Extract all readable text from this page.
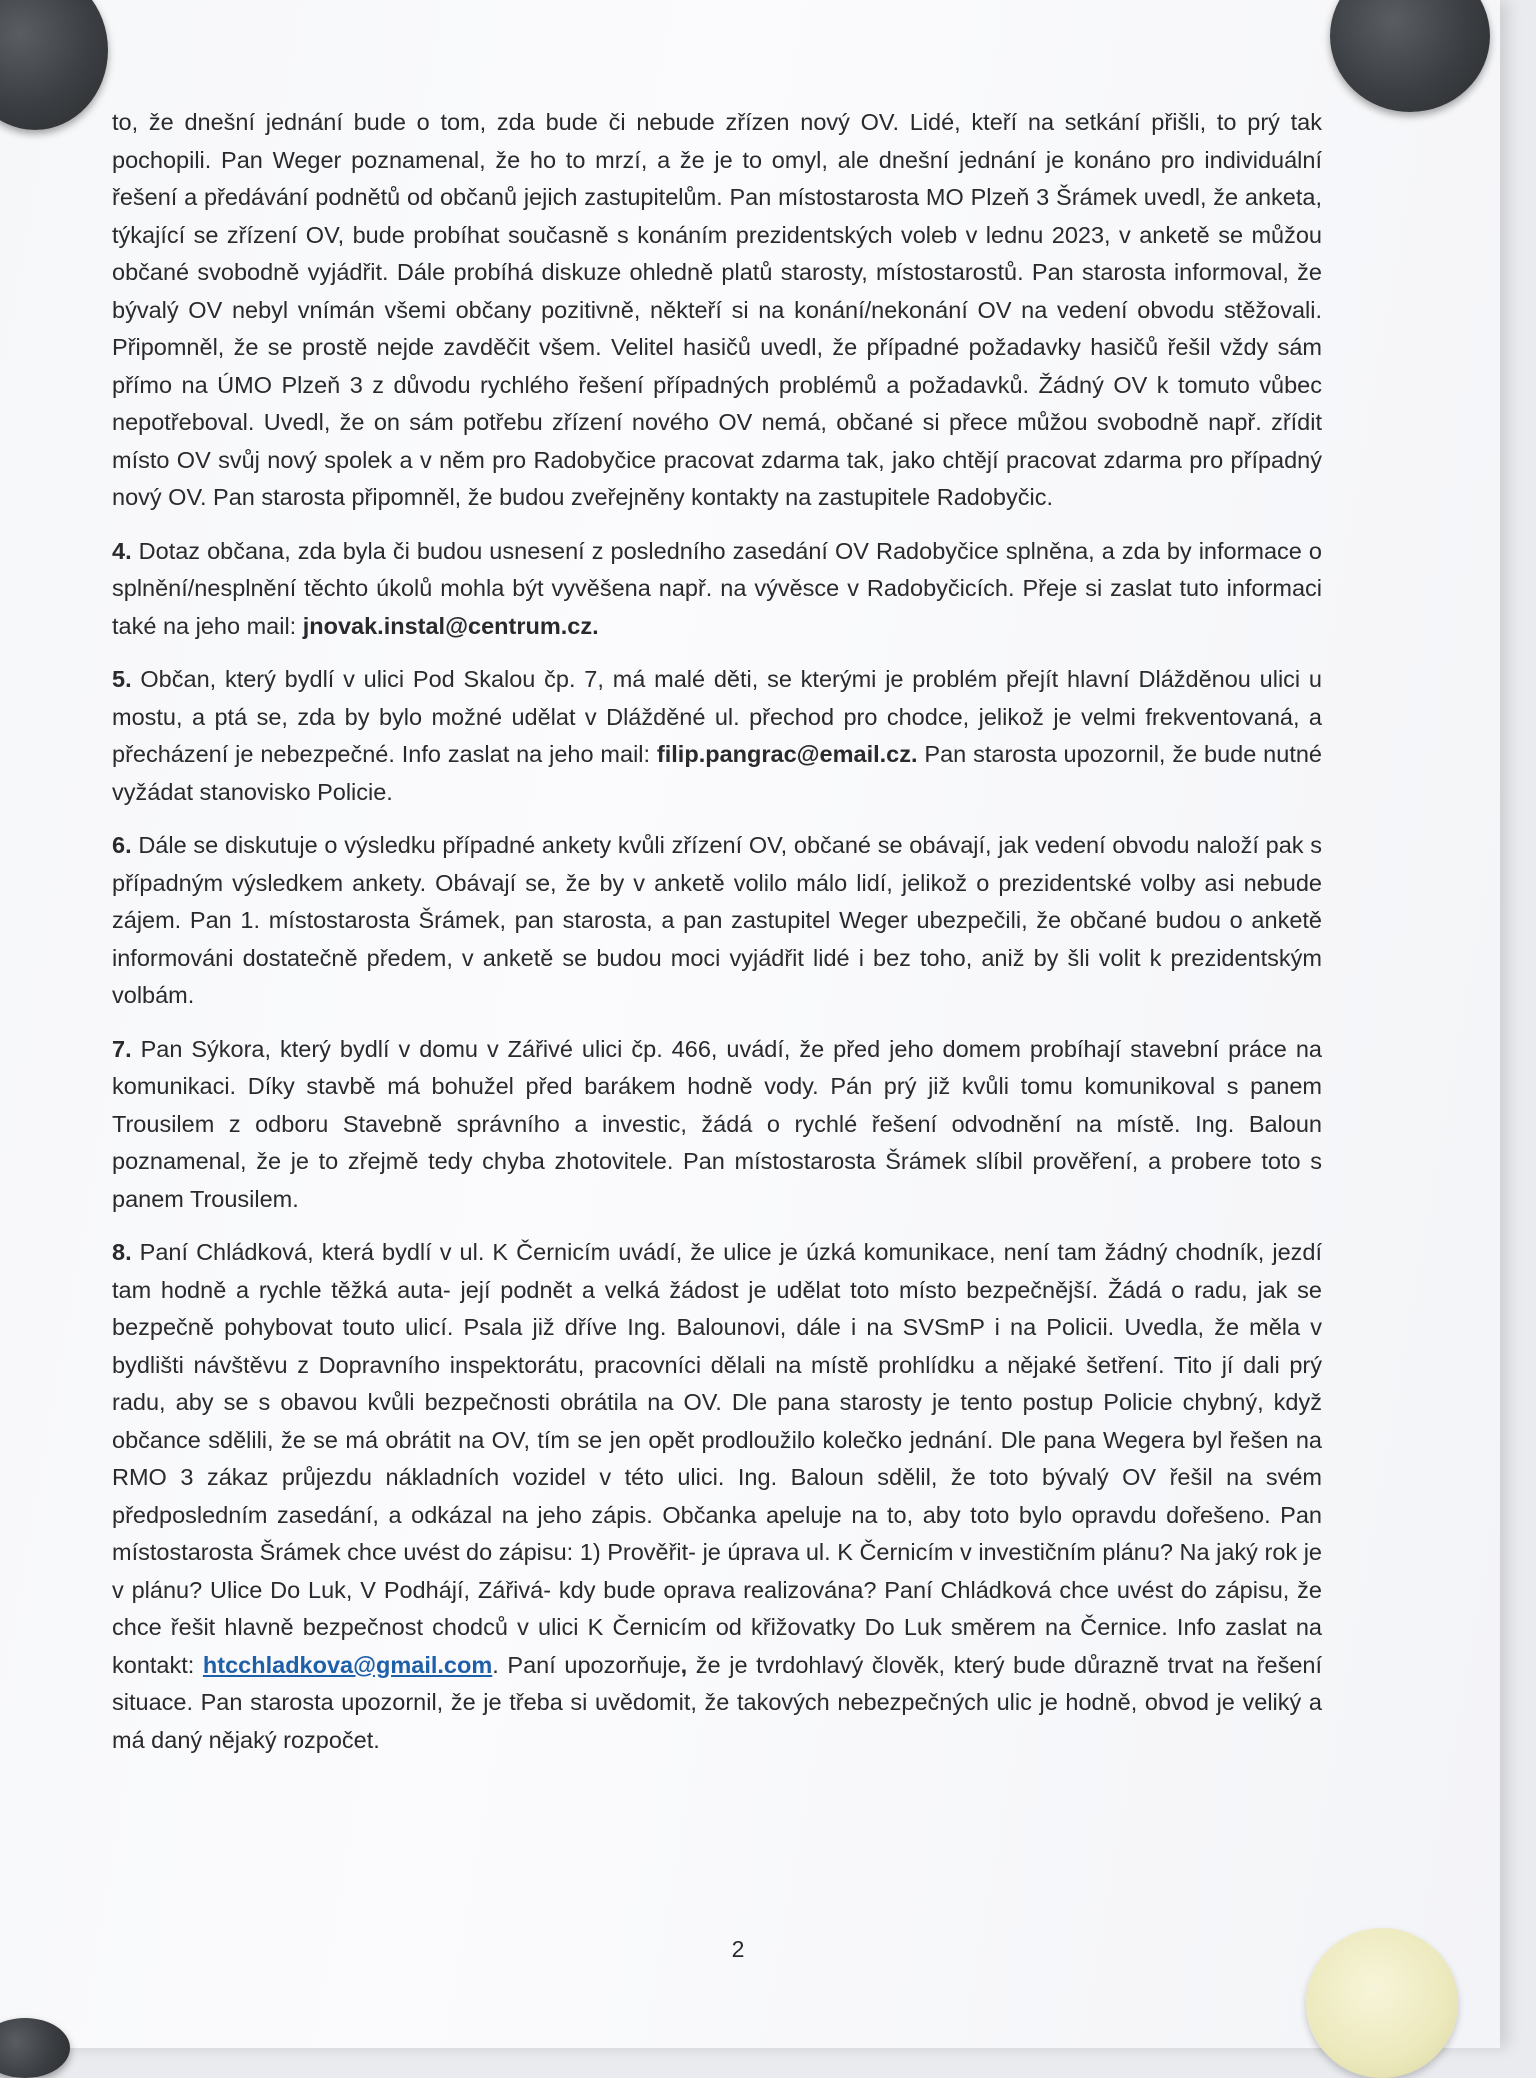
to, že dnešní jednání bude o tom, zda bude či nebude zřízen nový OV. Lidé, kteří na setkání přišli, to prý tak pochopili. Pan Weger poznamenal, že ho to mrzí, a že je to omyl, ale dnešní jednání je konáno pro individuální řešení a předávání podnětů od občanů jejich zastupitelům. Pan místostarosta MO Plzeň 3 Šrámek uvedl, že anketa, týkající se zřízení OV, bude probíhat současně s konáním prezidentských voleb v lednu 2023, v anketě se můžou občané svobodně vyjádřit. Dále probíhá diskuze ohledně platů starosty, místostarostů. Pan starosta informoval, že bývalý OV nebyl vnímán všemi občany pozitivně, někteří si na konání/nekonání OV na vedení obvodu stěžovali. Připomněl, že se prostě nejde zavděčit všem. Velitel hasičů uvedl, že případné požadavky hasičů řešil vždy sám přímo na ÚMO Plzeň 3 z důvodu rychlého řešení případných problémů a požadavků. Žádný OV k tomuto vůbec nepotřeboval. Uvedl, že on sám potřebu zřízení nového OV nemá, občané si přece můžou svobodně např. zřídit místo OV svůj nový spolek a v něm pro Radobyčice pracovat zdarma tak, jako chtějí pracovat zdarma pro případný nový OV. Pan starosta připomněl, že budou zveřejněny kontakty na zastupitele Radobyčic.

4. Dotaz občana, zda byla či budou usnesení z posledního zasedání OV Radobyčice splněna, a zda by informace o splnění/nesplnění těchto úkolů mohla být vyvěšena např. na vývěsce v Radobyčicích. Přeje si zaslat tuto informaci také na jeho mail: jnovak.instal@centrum.cz.

5. Občan, který bydlí v ulici Pod Skalou čp. 7, má malé děti, se kterými je problém přejít hlavní Dlážděnou ulici u mostu, a ptá se, zda by bylo možné udělat v Dlážděné ul. přechod pro chodce, jelikož je velmi frekventovaná, a přecházení je nebezpečné. Info zaslat na jeho mail: filip.pangrac@email.cz. Pan starosta upozornil, že bude nutné vyžádat stanovisko Policie.

6. Dále se diskutuje o výsledku případné ankety kvůli zřízení OV, občané se obávají, jak vedení obvodu naloží pak s případným výsledkem ankety. Obávají se, že by v anketě volilo málo lidí, jelikož o prezidentské volby asi nebude zájem. Pan 1. místostarosta Šrámek, pan starosta, a pan zastupitel Weger ubezpečili, že občané budou o anketě informováni dostatečně předem, v anketě se budou moci vyjádřit lidé i bez toho, aniž by šli volit k prezidentským volbám.

7. Pan Sýkora, který bydlí v domu v Zářivé ulici čp. 466, uvádí, že před jeho domem probíhají stavební práce na komunikaci. Díky stavbě má bohužel před barákem hodně vody. Pán prý již kvůli tomu komunikoval s panem Trousilem z odboru Stavebně správního a investic, žádá o rychlé řešení odvodnění na místě. Ing. Baloun poznamenal, že je to zřejmě tedy chyba zhotovitele. Pan místostarosta Šrámek slíbil prověření, a probere toto s panem Trousilem.

8. Paní Chládková, která bydlí v ul. K Černicím uvádí, že ulice je úzká komunikace, není tam žádný chodník, jezdí tam hodně a rychle těžká auta- její podnět a velká žádost je udělat toto místo bezpečnější. Žádá o radu, jak se bezpečně pohybovat touto ulicí. Psala již dříve Ing. Balounovi, dále i na SVSmP i na Policii. Uvedla, že měla v bydlišti návštěvu z Dopravního inspektorátu, pracovníci dělali na místě prohlídku a nějaké šetření. Tito jí dali prý radu, aby se s obavou kvůli bezpečnosti obrátila na OV. Dle pana starosty je tento postup Policie chybný, když občance sdělili, že se má obrátit na OV, tím se jen opět prodloužilo kolečko jednání. Dle pana Wegera byl řešen na RMO 3 zákaz průjezdu nákladních vozidel v této ulici. Ing. Baloun sdělil, že toto bývalý OV řešil na svém předposledním zasedání, a odkázal na jeho zápis. Občanka apeluje na to, aby toto bylo opravdu dořešeno. Pan místostarosta Šrámek chce uvést do zápisu: 1) Prověřit- je úprava ul. K Černicím v investičním plánu? Na jaký rok je v plánu? Ulice Do Luk, V Podhájí, Zářivá- kdy bude oprava realizována? Paní Chládková chce uvést do zápisu, že chce řešit hlavně bezpečnost chodců v ulici K Černicím od křižovatky Do Luk směrem na Černice. Info zaslat na kontakt: htcchladkova@gmail.com. Paní upozorňuje, že je tvrdohlavý člověk, který bude důrazně trvat na řešení situace. Pan starosta upozornil, že je třeba si uvědomit, že takových nebezpečných ulic je hodně, obvod je veliký a má daný nějaký rozpočet.

2
